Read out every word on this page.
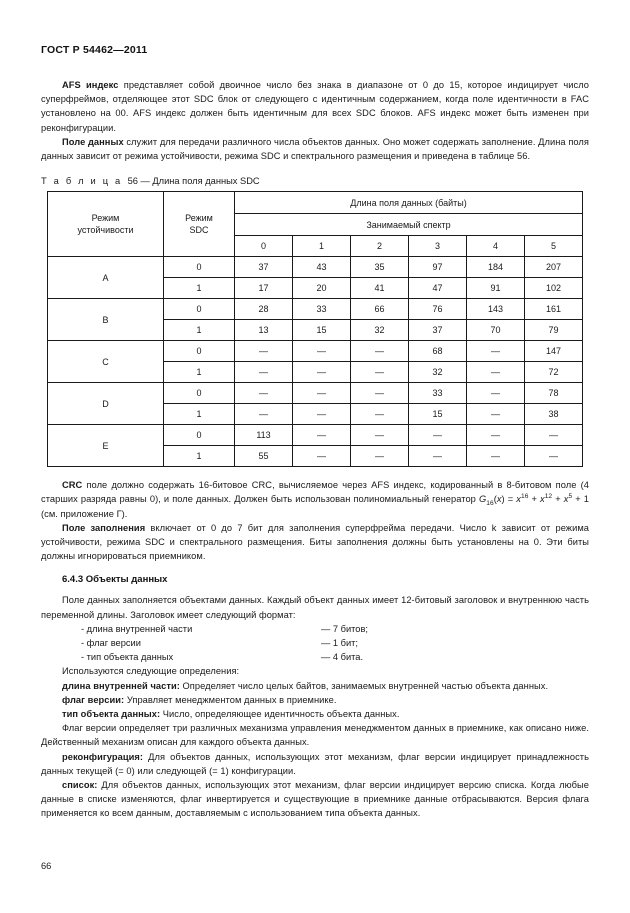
ГОСТ Р 54462—2011

AFS индекс представляет собой двоичное число без знака в диапазоне от 0 до 15, которое индицирует число суперфреймов, отделяющее этот SDC блок от следующего с идентичным содержанием, когда поле идентичности в FAC установлено на 00. AFS индекс должен быть идентичным для всех SDC блоков. AFS индекс может быть изменен при реконфигурации.

Поле данных служит для передачи различного числа объектов данных. Оно может содержать заполнение. Длина поля данных зависит от режима устойчивости, режима SDC и спектрального размещения и приведена в таблице 56.

Т а б л и ц а 56 — Длина поля данных SDC
Режим
устойчивости

Режим
SDC
	Длина поля данных (байты)
		Занимаемый спектр					
		0	1	2	3	4	5
A	0	37	43	35	97	184	207
	1	17	20	41	47	91	102
B	0	28	33	66	76	143	161
	1	13	15	32	37	70	79
C	0	—	—	—	68	—	147
	1	—	—	—	32	—	72
D	0	—	—	—	33	—	78
	1	—	—	—	15	—	38
E	0	113	—	—	—	—	—
	1	55	—	—	—	—	—

CRC поле должно содержать 16-битовое CRC, вычисляемое через AFS индекс, кодированный в 8-битовом поле (4 старших разряда равны 0), и поле данных. Должен быть использован полиномиальный генератор $G_{16}(x) = x^{16} + x^{12} + x^5 + 1$ (см. приложение Г).

Поле заполнения включает от 0 до 7 бит для заполнения суперфрейма передачи. Число k зависит от режима устойчивости, режима SDC и спектрального размещения. Биты заполнения должны быть установлены на 0. Эти биты должны игнорироваться приемником.

6.4.3 Объекты данных

Поле данных заполняется объектами данных. Каждый объект данных имеет 12-битовый заголовок и внутреннюю часть переменной длины. Заголовок имеет следующий формат:

- длина внутренней части	— 7 битов;
- флаг версии	— 1 бит;
- тип объекта данных	— 4 бита.

Используются следующие определения:

длина внутренней части: Определяет число целых байтов, занимаемых внутренней частью объекта данных.

флаг версии: Управляет менеджментом данных в приемнике.

тип объекта данных: Число, определяющее идентичность объекта данных.

Флаг версии определяет три различных механизма управления менеджментом данных в приемнике, как описано ниже. Действенный механизм описан для каждого объекта данных.

реконфигурация: Для объектов данных, использующих этот механизм, флаг версии индицирует принадлежность данных текущей (= 0) или следующей (= 1) конфигурации.

список: Для объектов данных, использующих этот механизм, флаг версии индицирует версию списка. Когда любые данные в списке изменяются, флаг инвертируется и существующие в приемнике данные отбрасываются. Версия флага применяется ко всем данным, доставляемым с использованием типа объекта данных.

66
